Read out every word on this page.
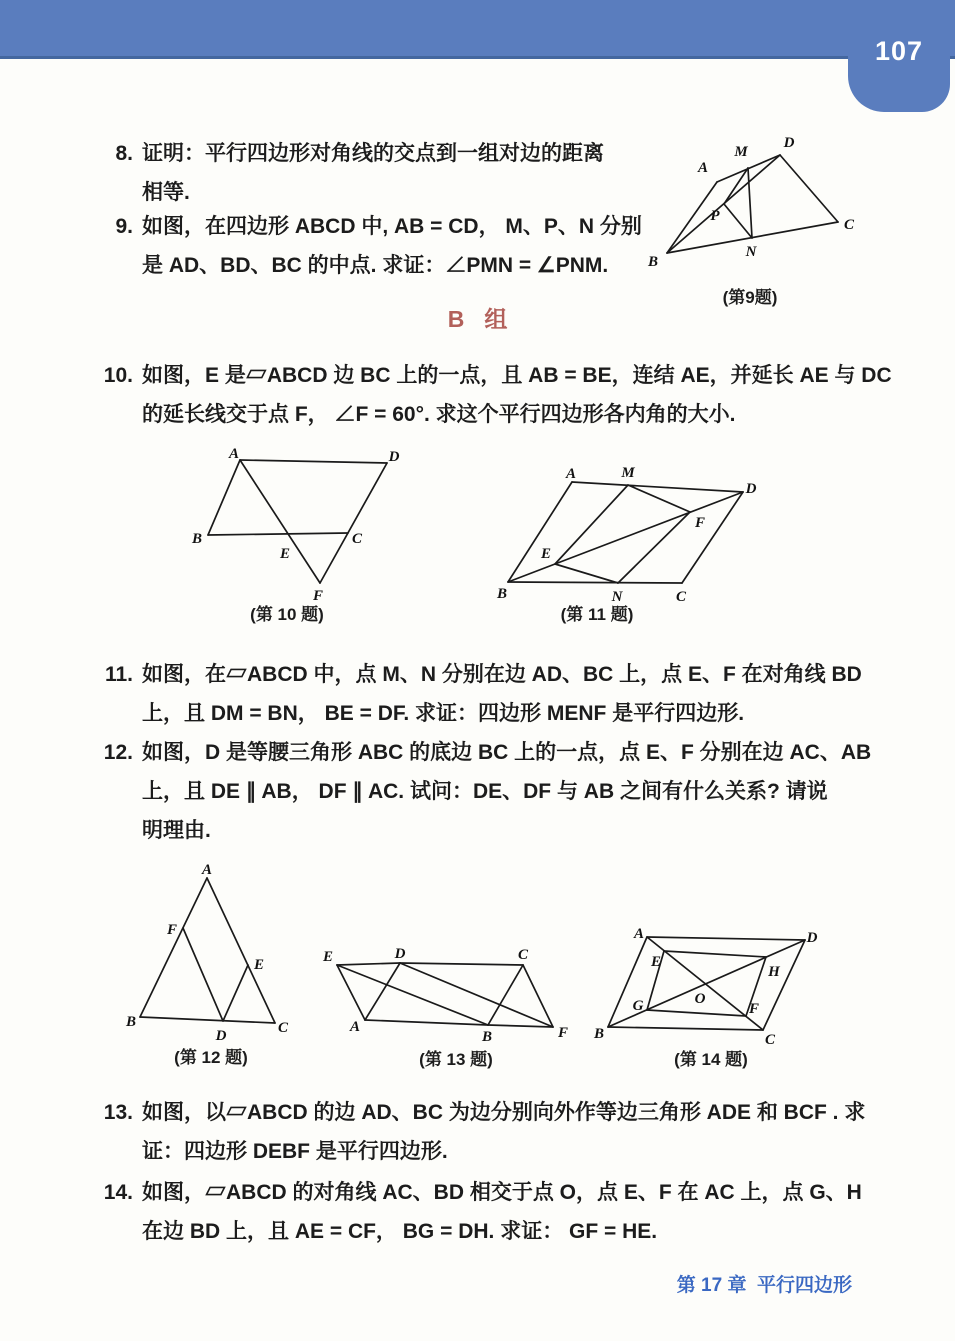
107
8. 证明：平行四边形对角线的交点到一组对边的距离
相等.
9. 如图，在四边形 ABCD 中, AB = CD， M、P、N 分别
是 AD、BD、BC 的中点. 求证：∠PMN = ∠PNM.
A
M
D
P
C
N
B
(第9题)
B 组
10. 如图，E 是▱ABCD 边 BC 上的一点，且 AB = BE，连结 AE，并延长 AE 与 DC
的延长线交于点 F， ∠F = 60°. 求这个平行四边形各内角的大小.
A	D
B	C
E
F
(第 10 题)
A	M
D
E
F
B	N	C
(第 11 题)
11. 如图，在▱ABCD 中，点 M、N 分别在边 AD、BC 上，点 E、F 在对角线 BD
上，且 DM = BN， BE = DF. 求证：四边形 MENF 是平行四边形.
12. 如图，D 是等腰三角形 ABC 的底边 BC 上的一点，点 E、F 分别在边 AC、AB
上，且 DE ∥ AB， DF ∥ AC. 试问：DE、DF 与 AB 之间有什么关系? 请说
明理由.
A
F
E
B
D	C
(第 12 题)
E	D	C
A
B	F
(第 13 题)
A	D
E
H
O
G	F
B	C
(第 14 题)
13. 如图，以▱ABCD 的边 AD、BC 为边分别向外作等边三角形 ADE 和 BCF . 求
证：四边形 DEBF 是平行四边形.
14. 如图，▱ABCD 的对角线 AC、BD 相交于点 O，点 E、F 在 AC 上，点 G、H
在边 BD 上，且 AE = CF， BG = DH. 求证： GF = HE.
第 17 章  平行四边形
